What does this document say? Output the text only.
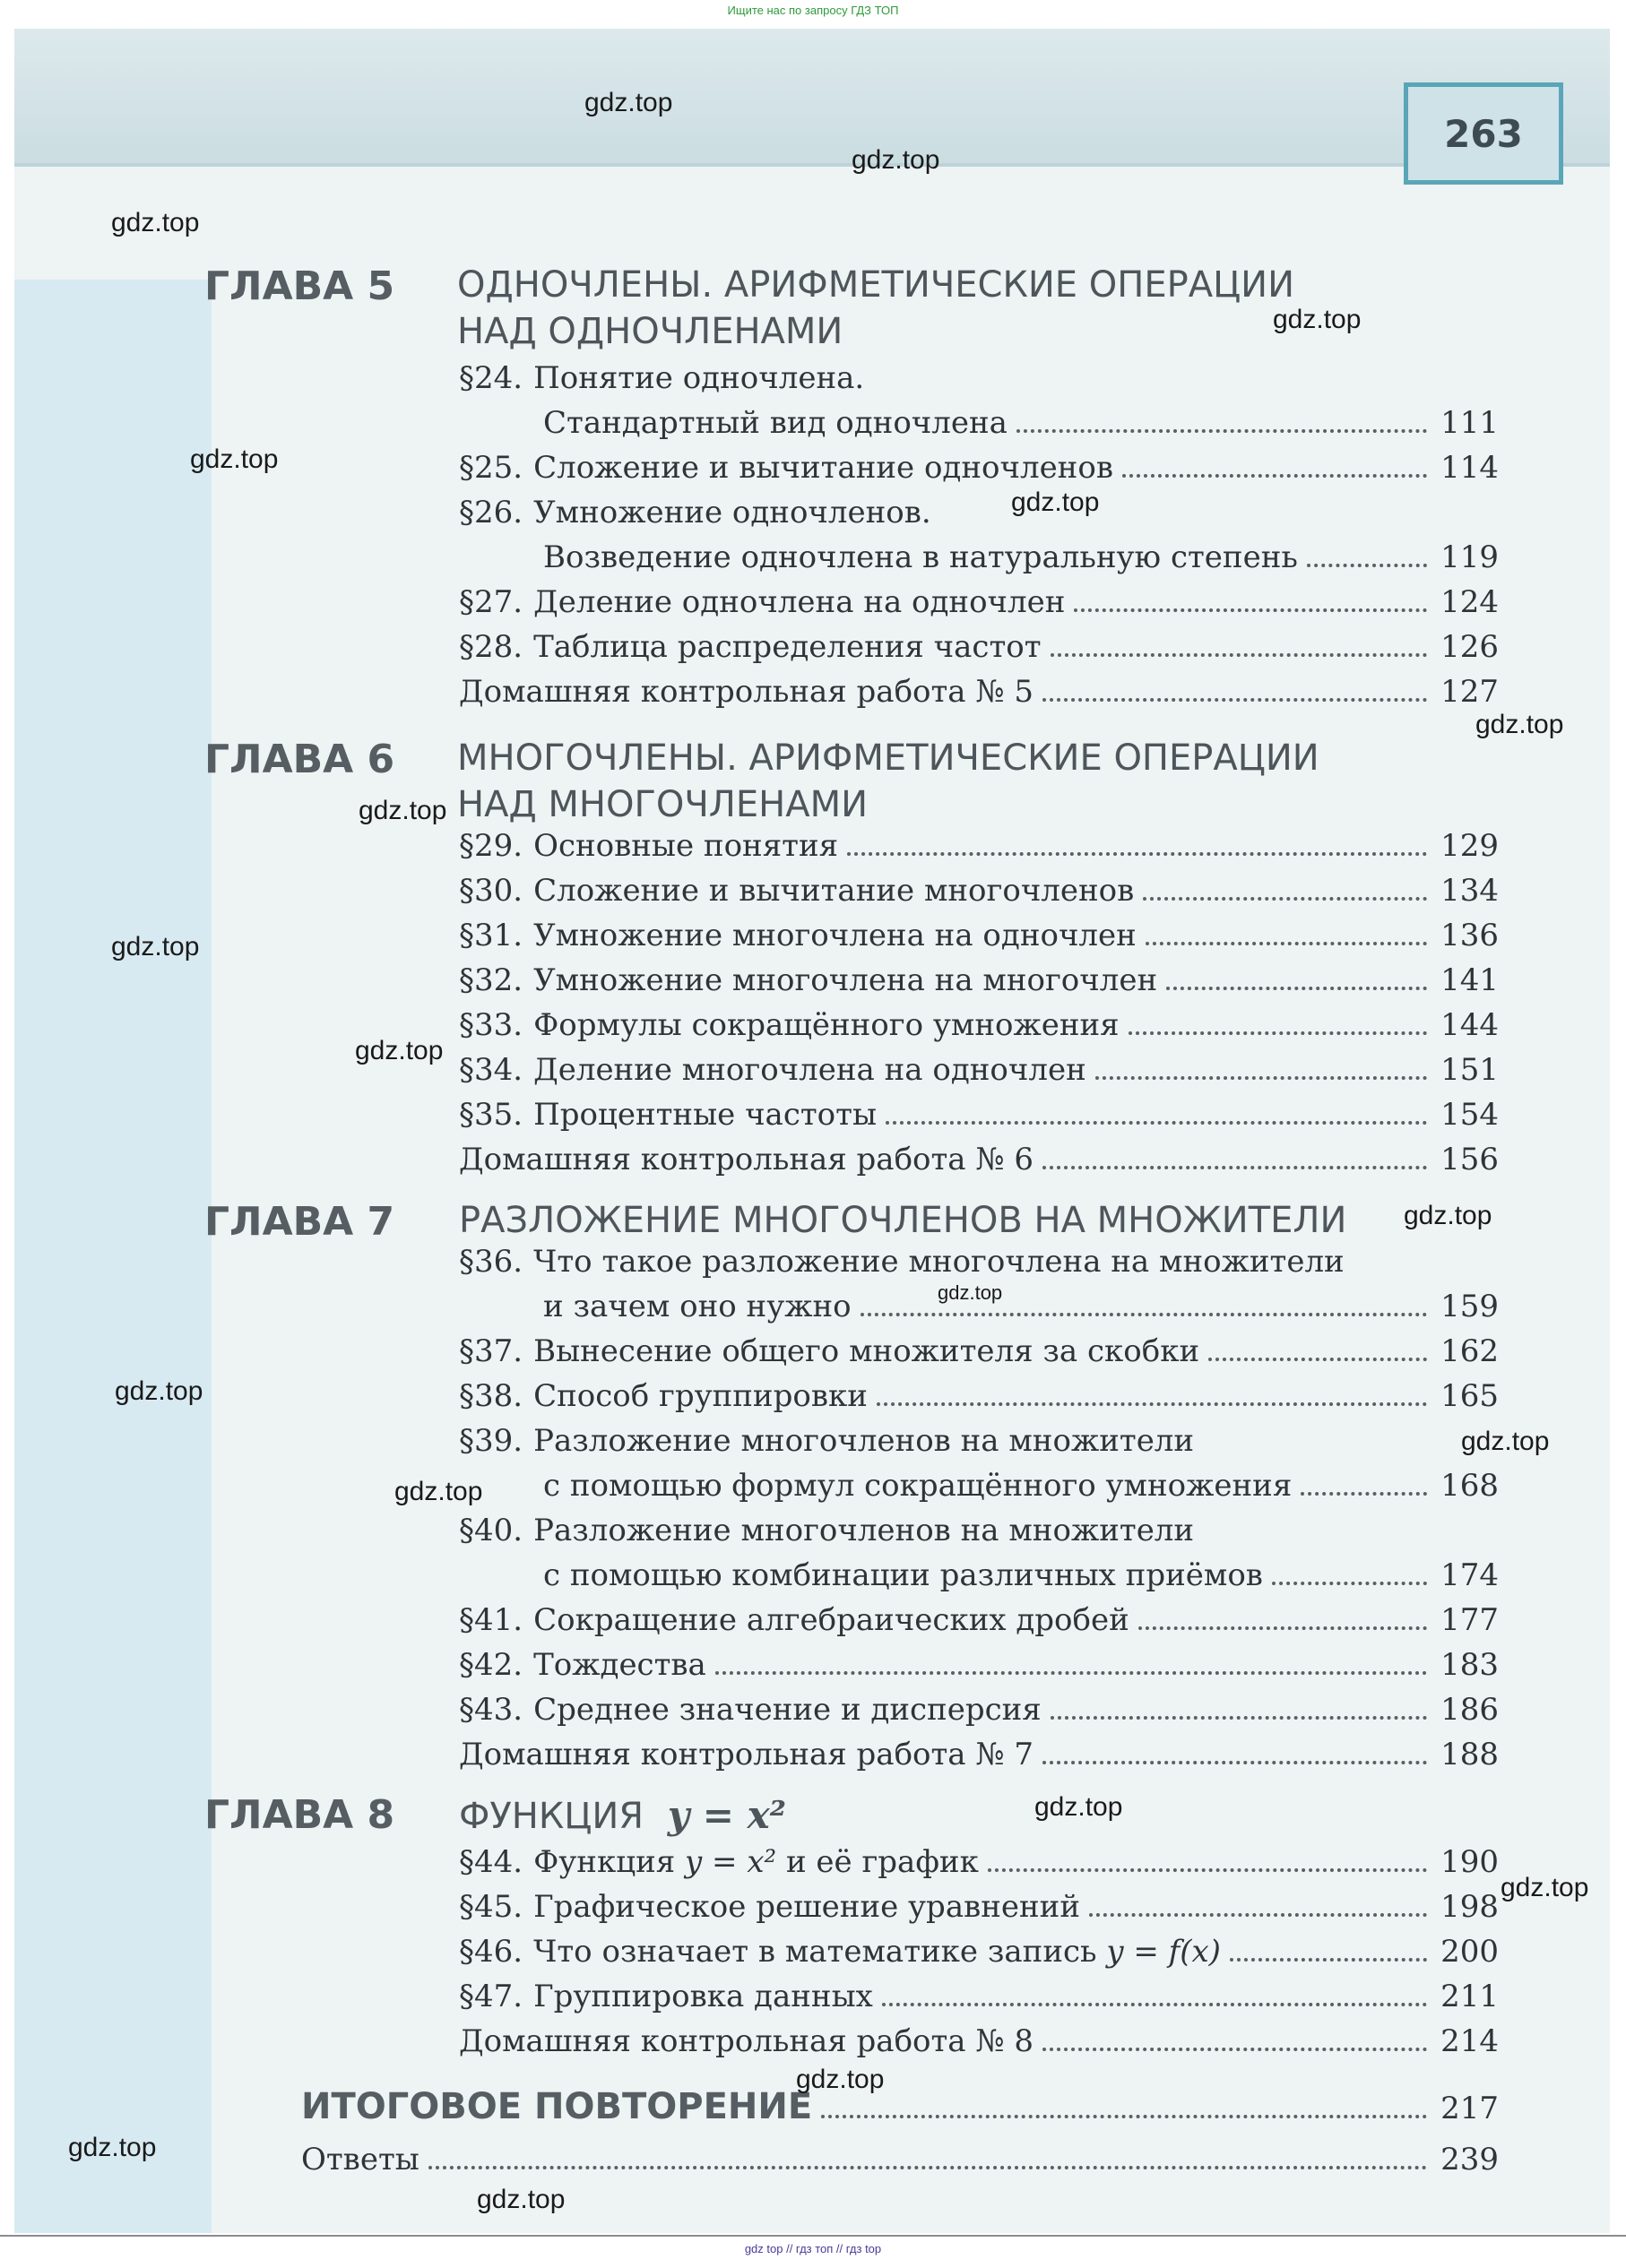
Ищите нас по запросу ГДЗ ТОП
263
ГЛАВА 5 ОДНОЧЛЕНЫ. АРИФМЕТИЧЕСКИЕ ОПЕРАЦИИ
НАД ОДНОЧЛЕНАМИ
§24. Понятие одночлена.
Стандартный вид одночлена	111
§25. Сложение и вычитание одночленов	114
§26. Умножение одночленов.
Возведение одночлена в натуральную степень	119
§27. Деление одночлена на одночлен	124
§28. Таблица распределения частот	126
Домашняя контрольная работа № 5	127
ГЛАВА 6 МНОГОЧЛЕНЫ. АРИФМЕТИЧЕСКИЕ ОПЕРАЦИИ
НАД МНОГОЧЛЕНАМИ
§29. Основные понятия	129
§30. Сложение и вычитание многочленов	134
§31. Умножение многочлена на одночлен	136
§32. Умножение многочлена на многочлен	141
§33. Формулы сокращённого умножения	144
§34. Деление многочлена на одночлен	151
§35. Процентные частоты	154
Домашняя контрольная работа № 6	156
ГЛАВА 7 РАЗЛОЖЕНИЕ МНОГОЧЛЕНОВ НА МНОЖИТЕЛИ
§36. Что такое разложение многочлена на множители
и зачем оно нужно	159
§37. Вынесение общего множителя за скобки	162
§38. Способ группировки	165
§39. Разложение многочленов на множители
с помощью формул сокращённого умножения	168
§40. Разложение многочленов на множители
с помощью комбинации различных приёмов	174
§41. Сокращение алгебраических дробей	177
§42. Тождества	183
§43. Среднее значение и дисперсия	186
Домашняя контрольная работа № 7	188
ГЛАВА 8 ФУНКЦИЯ y = x²
§44. Функция y = x² и её график	190
§45. Графическое решение уравнений	198
§46. Что означает в математике запись y = f(x)	200
§47. Группировка данных	211
Домашняя контрольная работа № 8	214
ИТОГОВОЕ ПОВТОРЕНИЕ	217
Ответы	239
gdz.top
gdz.top
gdz.top
gdz.top
gdz.top
gdz.top
gdz.top
gdz.top
gdz.top
gdz.top
gdz.top
gdz.top
gdz.top
gdz.top
gdz.top
gdz.top
gdz.top
gdz.top
gdz.top
gdz.top
gdz top // гдз топ // гдз top
